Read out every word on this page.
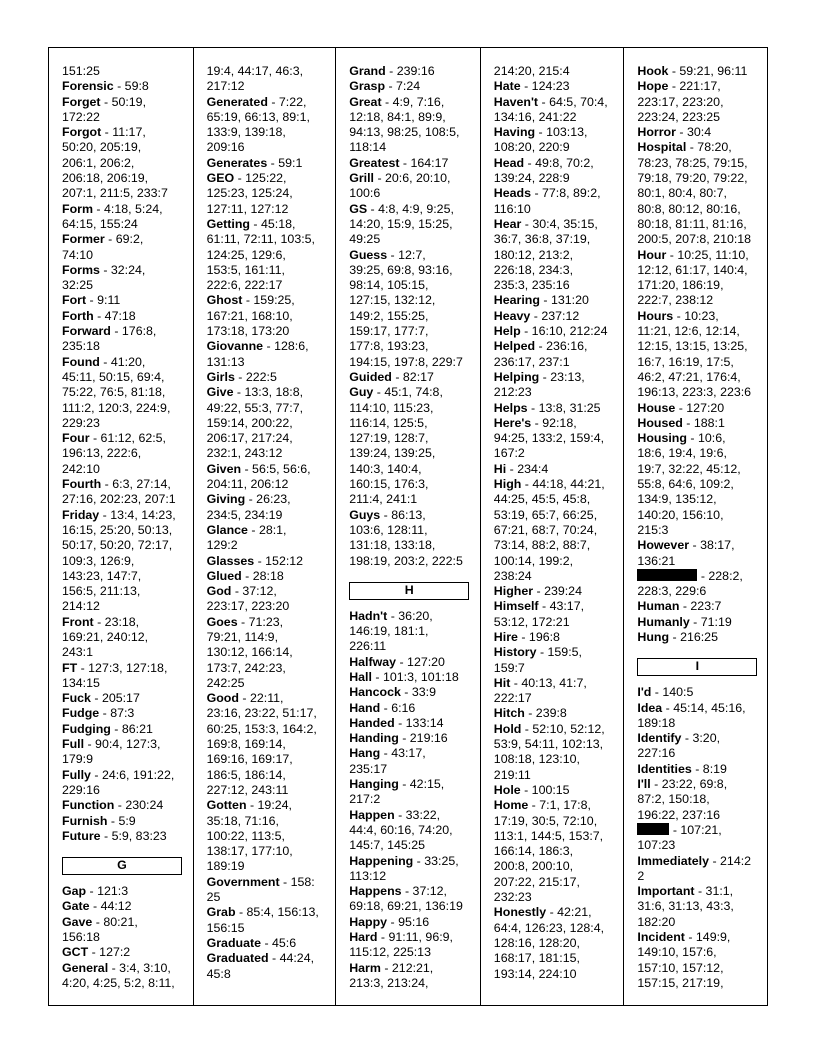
151:25
Forensic - 59:8
Forget - 50:19,
172:22
Forgot - 11:17,
50:20, 205:19,
206:1, 206:2,
206:18, 206:19,
207:1, 211:5, 233:7
Form - 4:18, 5:24,
64:15, 155:24
Former - 69:2,
74:10
Forms - 32:24,
32:25
Fort - 9:11
Forth - 47:18
Forward - 176:8,
235:18
Found - 41:20,
45:11, 50:15, 69:4,
75:22, 76:5, 81:18,
111:2, 120:3, 224:9,
229:23
Four - 61:12, 62:5,
196:13, 222:6,
242:10
Fourth - 6:3, 27:14,
27:16, 202:23, 207:1
Friday - 13:4, 14:23,
16:15, 25:20, 50:13,
50:17, 50:20, 72:17,
109:3, 126:9,
143:23, 147:7,
156:5, 211:13,
214:12
Front - 23:18,
169:21, 240:12,
243:1
FT - 127:3, 127:18,
134:15
Fuck - 205:17
Fudge - 87:3
Fudging - 86:21
Full - 90:4, 127:3,
179:9
Fully - 24:6, 191:22,
229:16
Function - 230:24
Furnish - 5:9
Future - 5:9, 83:23
G
Gap - 121:3
Gate - 44:12
Gave - 80:21,
156:18
GCT - 127:2
General - 3:4, 3:10,
4:20, 4:25, 5:2, 8:11,
19:4, 44:17, 46:3,
217:12
Generated - 7:22,
65:19, 66:13, 89:1,
133:9, 139:18,
209:16
Generates - 59:1
GEO - 125:22,
125:23, 125:24,
127:11, 127:12
Getting - 45:18,
61:11, 72:11, 103:5,
124:25, 129:6,
153:5, 161:11,
222:6, 222:17
Ghost - 159:25,
167:21, 168:10,
173:18, 173:20
Giovanne - 128:6,
131:13
Girls - 222:5
Give - 13:3, 18:8,
49:22, 55:3, 77:7,
159:14, 200:22,
206:17, 217:24,
232:1, 243:12
Given - 56:5, 56:6,
204:11, 206:12
Giving - 26:23,
234:5, 234:19
Glance - 28:1,
129:2
Glasses - 152:12
Glued - 28:18
God - 37:12,
223:17, 223:20
Goes - 71:23,
79:21, 114:9,
130:12, 166:14,
173:7, 242:23,
242:25
Good - 22:11,
23:16, 23:22, 51:17,
60:25, 153:3, 164:2,
169:8, 169:14,
169:16, 169:17,
186:5, 186:14,
227:12, 243:11
Gotten - 19:24,
35:18, 71:16,
100:22, 113:5,
138:17, 177:10,
189:19
Government - 158:
25
Grab - 85:4, 156:13,
156:15
Graduate - 45:6
Graduated - 44:24,
45:8
Grand - 239:16
Grasp - 7:24
Great - 4:9, 7:16,
12:18, 84:1, 89:9,
94:13, 98:25, 108:5,
118:14
Greatest - 164:17
Grill - 20:6, 20:10,
100:6
GS - 4:8, 4:9, 9:25,
14:20, 15:9, 15:25,
49:25
Guess - 12:7,
39:25, 69:8, 93:16,
98:14, 105:15,
127:15, 132:12,
149:2, 155:25,
159:17, 177:7,
177:8, 193:23,
194:15, 197:8, 229:7
Guided - 82:17
Guy - 45:1, 74:8,
114:10, 115:23,
116:14, 125:5,
127:19, 128:7,
139:24, 139:25,
140:3, 140:4,
160:15, 176:3,
211:4, 241:1
Guys - 86:13,
103:6, 128:11,
131:18, 133:18,
198:19, 203:2, 222:5
H
Hadn't - 36:20,
146:19, 181:1,
226:11
Halfway - 127:20
Hall - 101:3, 101:18
Hancock - 33:9
Hand - 6:16
Handed - 133:14
Handing - 219:16
Hang - 43:17,
235:17
Hanging - 42:15,
217:2
Happen - 33:22,
44:4, 60:16, 74:20,
145:7, 145:25
Happening - 33:25,
113:12
Happens - 37:12,
69:18, 69:21, 136:19
Happy - 95:16
Hard - 91:11, 96:9,
115:12, 225:13
Harm - 212:21,
213:3, 213:24,
214:20, 215:4
Hate - 124:23
Haven't - 64:5, 70:4,
134:16, 241:22
Having - 103:13,
108:20, 220:9
Head - 49:8, 70:2,
139:24, 228:9
Heads - 77:8, 89:2,
116:10
Hear - 30:4, 35:15,
36:7, 36:8, 37:19,
180:12, 213:2,
226:18, 234:3,
235:3, 235:16
Hearing - 131:20
Heavy - 237:12
Help - 16:10, 212:24
Helped - 236:16,
236:17, 237:1
Helping - 23:13,
212:23
Helps - 13:8, 31:25
Here's - 92:18,
94:25, 133:2, 159:4,
167:2
Hi - 234:4
High - 44:18, 44:21,
44:25, 45:5, 45:8,
53:19, 65:7, 66:25,
67:21, 68:7, 70:24,
73:14, 88:2, 88:7,
100:14, 199:2,
238:24
Higher - 239:24
Himself - 43:17,
53:12, 172:21
Hire - 196:8
History - 159:5,
159:7
Hit - 40:13, 41:7,
222:17
Hitch - 239:8
Hold - 52:10, 52:12,
53:9, 54:11, 102:13,
108:18, 123:10,
219:11
Hole - 100:15
Home - 7:1, 17:8,
17:19, 30:5, 72:10,
113:1, 144:5, 153:7,
166:14, 186:3,
200:8, 200:10,
207:22, 215:17,
232:23
Honestly - 42:21,
64:4, 126:23, 128:4,
128:16, 128:20,
168:17, 181:15,
193:14, 224:10
Hook - 59:21, 96:11
Hope - 221:17,
223:17, 223:20,
223:24, 223:25
Horror - 30:4
Hospital - 78:20,
78:23, 78:25, 79:15,
79:18, 79:20, 79:22,
80:1, 80:4, 80:7,
80:8, 80:12, 80:16,
80:18, 81:11, 81:16,
200:5, 207:8, 210:18
Hour - 10:25, 11:10,
12:12, 61:17, 140:4,
171:20, 186:19,
222:7, 238:12
Hours - 10:23,
11:21, 12:6, 12:14,
12:15, 13:15, 13:25,
16:7, 16:19, 17:5,
46:2, 47:21, 176:4,
196:13, 223:3, 223:6
House - 127:20
Housed - 188:1
Housing - 10:6,
18:6, 19:4, 19:6,
19:7, 32:22, 45:12,
55:8, 64:6, 109:2,
134:9, 135:12,
140:20, 156:10,
215:3
However - 38:17,
136:21
- 228:2,
228:3, 229:6
Human - 223:7
Humanly - 71:19
Hung - 216:25
I
I'd - 140:5
Idea - 45:14, 45:16,
189:18
Identify - 3:20,
227:16
Identities - 8:19
I'll - 23:22, 69:8,
87:2, 150:18,
196:22, 237:16
- 107:21,
107:23
Immediately - 214:2
2
Important - 31:1,
31:6, 31:13, 43:3,
182:20
Incident - 149:9,
149:10, 157:6,
157:10, 157:12,
157:15, 217:19,
